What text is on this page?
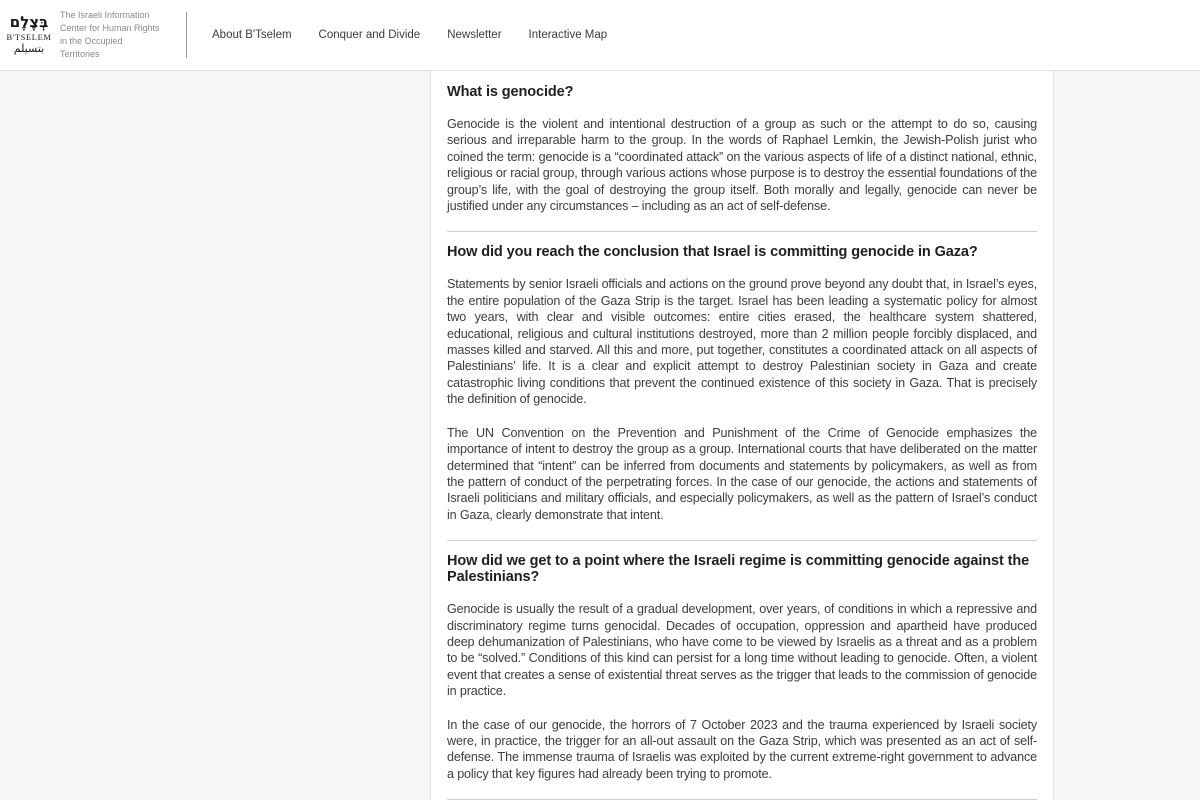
בְּצֶלֶם
B'TSELEM
بتسيلم
The Israeli Information Center for Human Rights in the Occupied Territories
About B'Tselem Conquer and Divide Newsletter Interactive Map
What is genocide?

Genocide is the violent and intentional destruction of a group as such or the attempt to do so, causing serious and irreparable harm to the group. In the words of Raphael Lemkin, the Jewish-Polish jurist who coined the term: genocide is a “coordinated attack” on the various aspects of life of a distinct national, ethnic, religious or racial group, through various actions whose purpose is to destroy the essential foundations of the group’s life, with the goal of destroying the group itself. Both morally and legally, genocide can never be justified under any circumstances – including as an act of self-defense.

How did you reach the conclusion that Israel is committing genocide in Gaza?

Statements by senior Israeli officials and actions on the ground prove beyond any doubt that, in Israel’s eyes, the entire population of the Gaza Strip is the target. Israel has been leading a systematic policy for almost two years, with clear and visible outcomes: entire cities erased, the healthcare system shattered, educational, religious and cultural institutions destroyed, more than 2 million people forcibly displaced, and masses killed and starved. All this and more, put together, constitutes a coordinated attack on all aspects of Palestinians’ life. It is a clear and explicit attempt to destroy Palestinian society in Gaza and create catastrophic living conditions that prevent the continued existence of this society in Gaza. That is precisely the definition of genocide.

The UN Convention on the Prevention and Punishment of the Crime of Genocide emphasizes the importance of intent to destroy the group as a group. International courts that have deliberated on the matter determined that “intent” can be inferred from documents and statements by policymakers, as well as from the pattern of conduct of the perpetrating forces. In the case of our genocide, the actions and statements of Israeli politicians and military officials, and especially policymakers, as well as the pattern of Israel’s conduct in Gaza, clearly demonstrate that intent.

How did we get to a point where the Israeli regime is committing genocide against the Palestinians?

Genocide is usually the result of a gradual development, over years, of conditions in which a repressive and discriminatory regime turns genocidal. Decades of occupation, oppression and apartheid have produced deep dehumanization of Palestinians, who have come to be viewed by Israelis as a threat and as a problem to be “solved.” Conditions of this kind can persist for a long time without leading to genocide. Often, a violent event that creates a sense of existential threat serves as the trigger that leads to the commission of genocide in practice.

In the case of our genocide, the horrors of 7 October 2023 and the trauma experienced by Israeli society were, in practice, the trigger for an all-out assault on the Gaza Strip, which was presented as an act of self-defense. The immense trauma of Israelis was exploited by the current extreme-right government to advance a policy that key figures had already been trying to promote.
